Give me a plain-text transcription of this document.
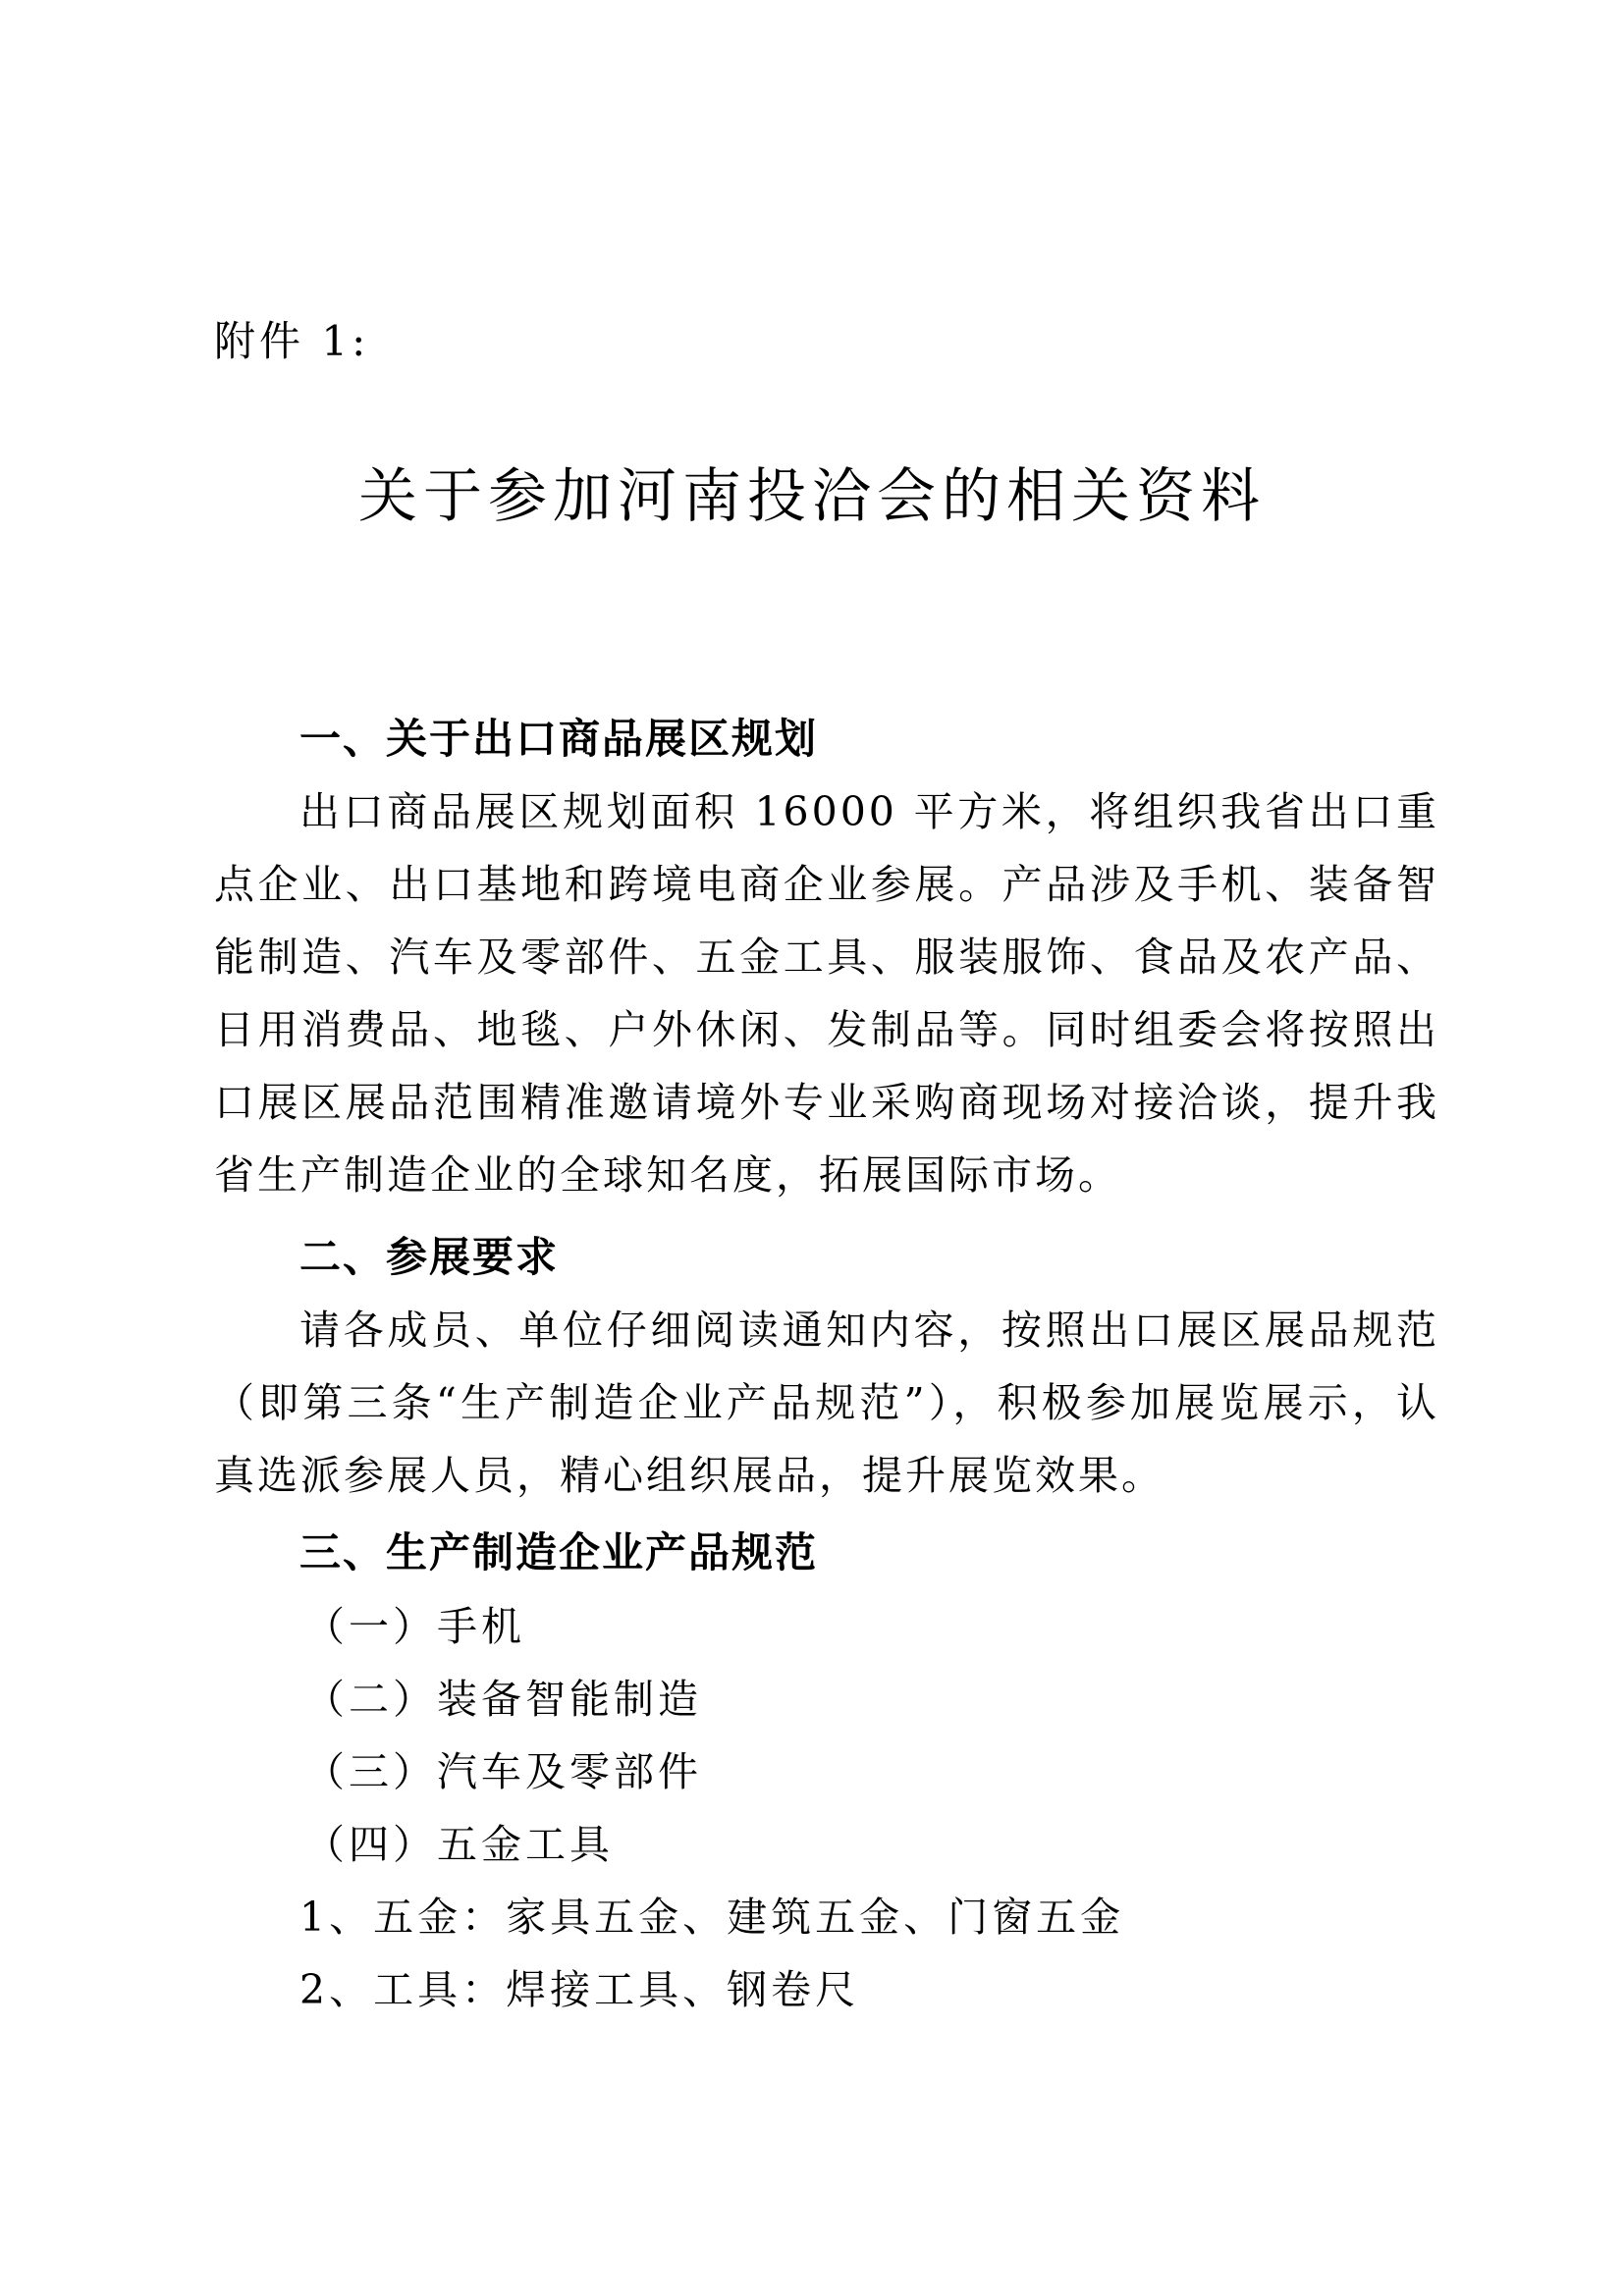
附件 1:
关于参加河南投洽会的相关资料
一、关于出口商品展区规划

出口商品展区规划面积 16000 平方米，将组织我省出口重点企业、出口基地和跨境电商企业参展。产品涉及手机、装备智能制造、汽车及零部件、五金工具、服装服饰、食品及农产品、日用消费品、地毯、户外休闲、发制品等。同时组委会将按照出口展区展品范围精准邀请境外专业采购商现场对接洽谈，提升我省生产制造企业的全球知名度，拓展国际市场。

二、参展要求

请各成员、单位仔细阅读通知内容，按照出口展区展品规范（即第三条“生产制造企业产品规范”），积极参加展览展示，认真选派参展人员，精心组织展品，提升展览效果。

三、生产制造企业产品规范
（一）手机
（二）装备智能制造
（三）汽车及零部件
（四）五金工具
1、五金：家具五金、建筑五金、门窗五金
2、工具：焊接工具、钢卷尺
